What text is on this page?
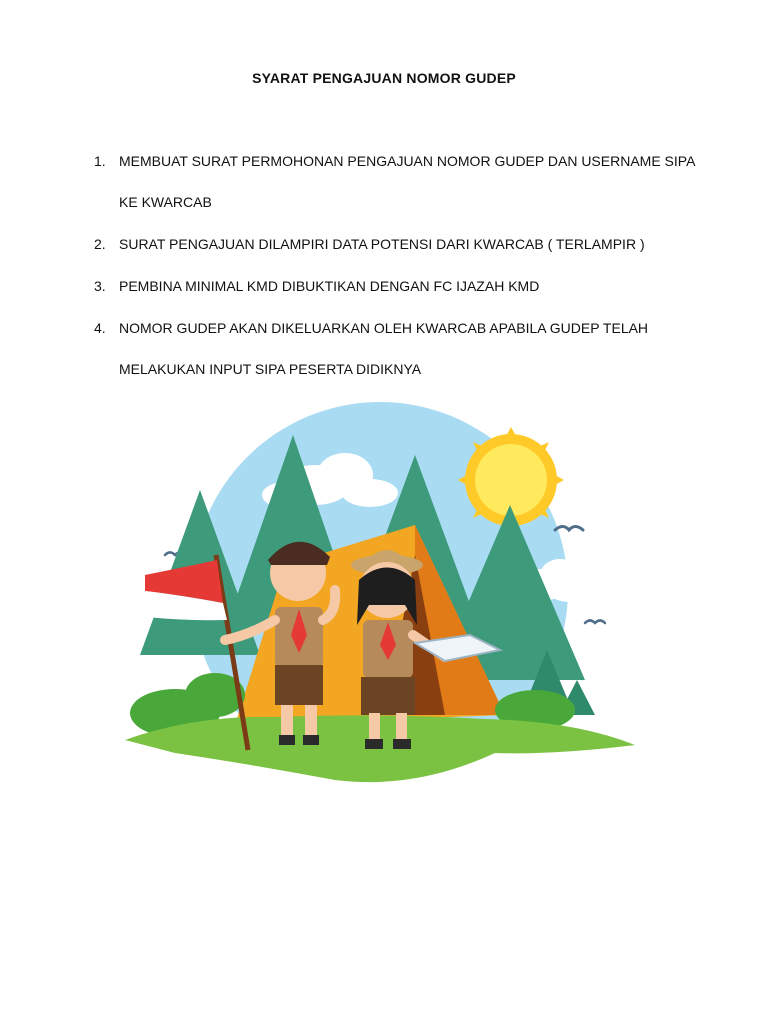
SYARAT PENGAJUAN NOMOR GUDEP
1. MEMBUAT SURAT PERMOHONAN PENGAJUAN NOMOR GUDEP DAN USERNAME SIPA KE KWARCAB
2. SURAT PENGAJUAN DILAMPIRI DATA POTENSI DARI KWARCAB ( TERLAMPIR )
3. PEMBINA MINIMAL KMD DIBUKTIKAN DENGAN FC IJAZAH KMD
4. NOMOR GUDEP AKAN DIKELUARKAN OLEH KWARCAB APABILA GUDEP TELAH MELAKUKAN INPUT SIPA PESERTA DIDIKNYA
